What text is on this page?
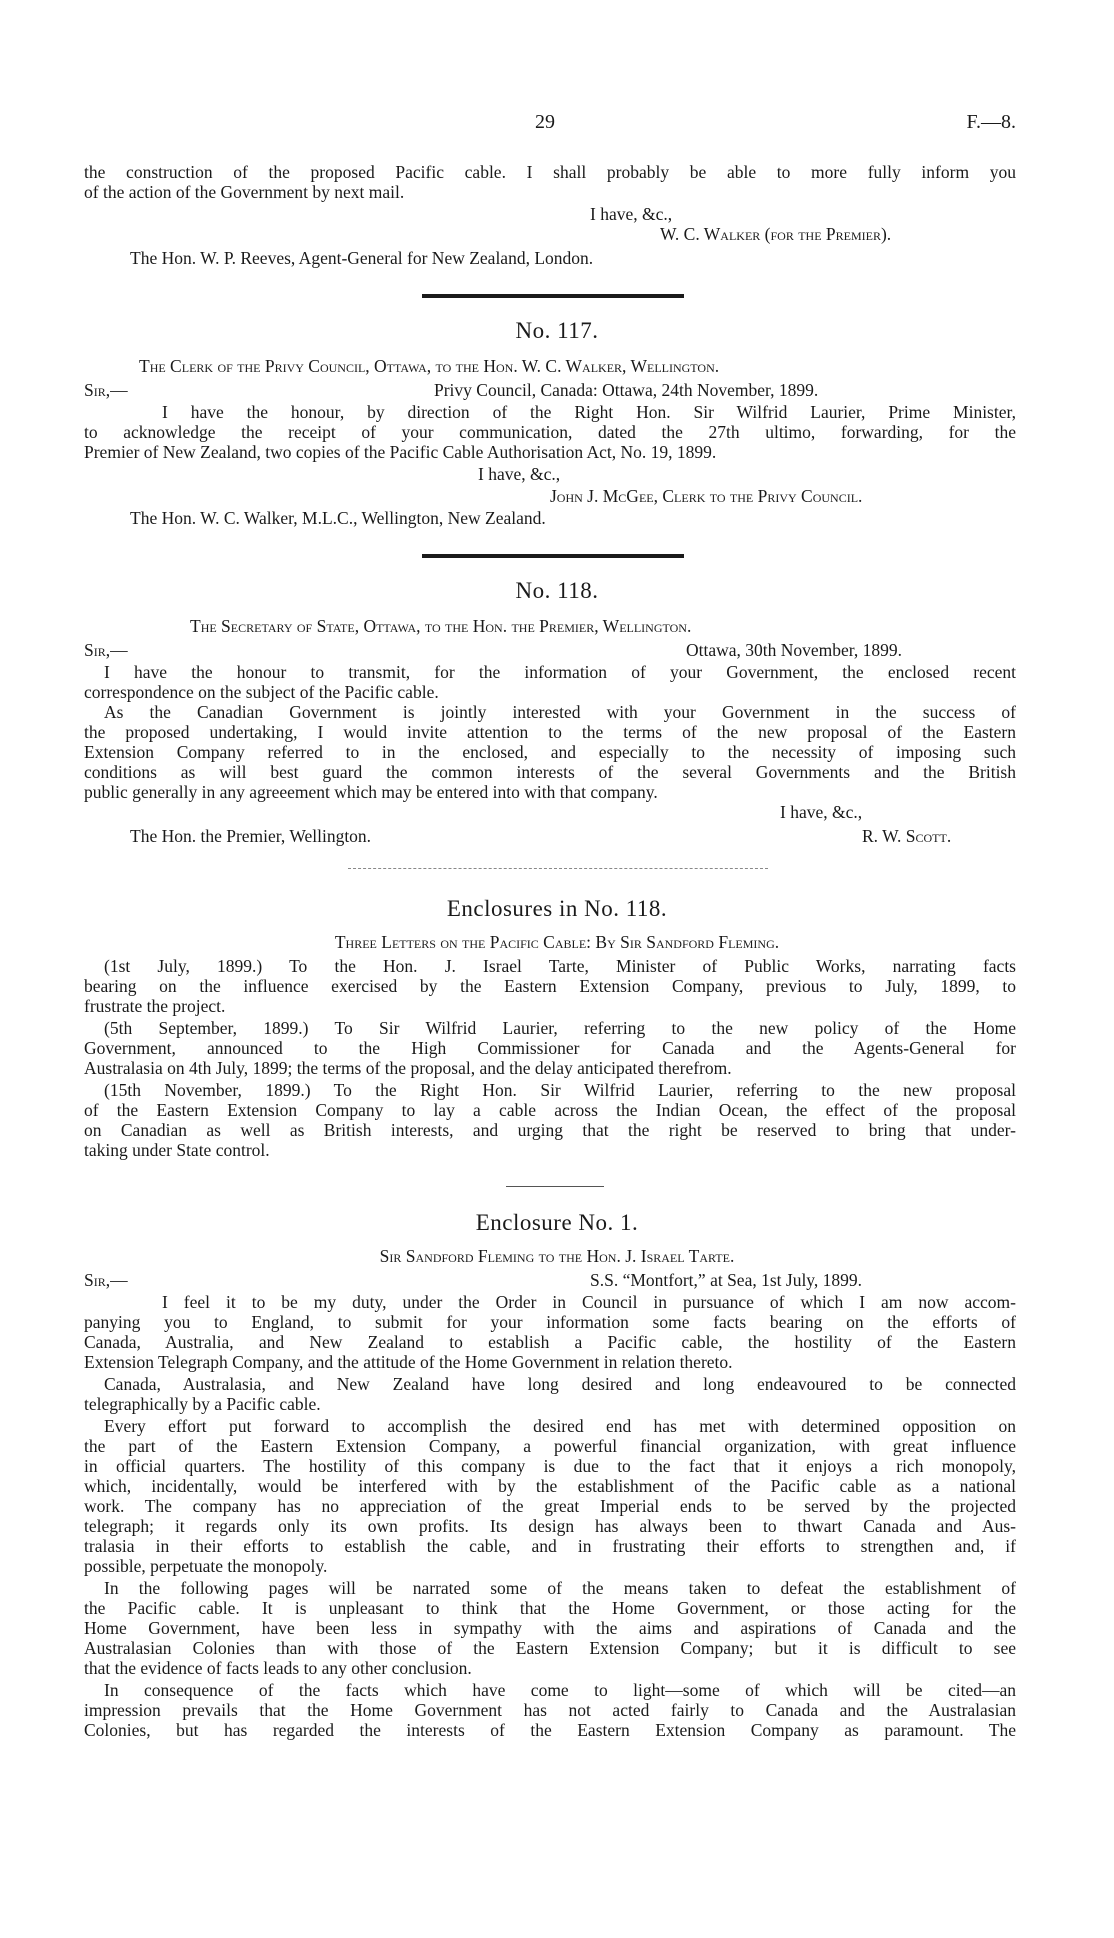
29	F.—8.
the construction of the proposed Pacific cable. I shall probably be able to more fully inform you
of the action of the Government by next mail.
I have, &c.,
W. C. Walker (for the Premier).
The Hon. W. P. Reeves, Agent-General for New Zealand, London.
No. 117.
The Clerk of the Privy Council, Ottawa, to the Hon. W. C. Walker, Wellington.
Sir,—	Privy Council, Canada: Ottawa, 24th November, 1899.
I have the honour, by direction of the Right Hon. Sir Wilfrid Laurier, Prime Minister,
to acknowledge the receipt of your communication, dated the 27th ultimo, forwarding, for the
Premier of New Zealand, two copies of the Pacific Cable Authorisation Act, No. 19, 1899.
I have, &c.,
John J. McGee, Clerk to the Privy Council.
The Hon. W. C. Walker, M.L.C., Wellington, New Zealand.
No. 118.
The Secretary of State, Ottawa, to the Hon. the Premier, Wellington.
Sir,—	Ottawa, 30th November, 1899.
I have the honour to transmit, for the information of your Government, the enclosed recent
correspondence on the subject of the Pacific cable.
As the Canadian Government is jointly interested with your Government in the success of
the proposed undertaking, I would invite attention to the terms of the new proposal of the Eastern
Extension Company referred to in the enclosed, and especially to the necessity of imposing such
conditions as will best guard the common interests of the several Governments and the British
public generally in any agreeement which may be entered into with that company.
I have, &c.,
The Hon. the Premier, Wellington.	R. W. Scott.
Enclosures in No. 118.
Three Letters on the Pacific Cable: By Sir Sandford Fleming.
(1st July, 1899.) To the Hon. J. Israel Tarte, Minister of Public Works, narrating facts
bearing on the influence exercised by the Eastern Extension Company, previous to July, 1899, to
frustrate the project.
(5th September, 1899.) To Sir Wilfrid Laurier, referring to the new policy of the Home
Government, announced to the High Commissioner for Canada and the Agents-General for
Australasia on 4th July, 1899; the terms of the proposal, and the delay anticipated therefrom.
(15th November, 1899.) To the Right Hon. Sir Wilfrid Laurier, referring to the new proposal
of the Eastern Extension Company to lay a cable across the Indian Ocean, the effect of the proposal
on Canadian as well as British interests, and urging that the right be reserved to bring that under-
taking under State control.
Enclosure No. 1.
Sir Sandford Fleming to the Hon. J. Israel Tarte.
Sir,—	S.S. “Montfort,” at Sea, 1st July, 1899.
I feel it to be my duty, under the Order in Council in pursuance of which I am now accom-
panying you to England, to submit for your information some facts bearing on the efforts of
Canada, Australia, and New Zealand to establish a Pacific cable, the hostility of the Eastern
Extension Telegraph Company, and the attitude of the Home Government in relation thereto.
Canada, Australasia, and New Zealand have long desired and long endeavoured to be connected
telegraphically by a Pacific cable.
Every effort put forward to accomplish the desired end has met with determined opposition on
the part of the Eastern Extension Company, a powerful financial organization, with great influence
in official quarters. The hostility of this company is due to the fact that it enjoys a rich monopoly,
which, incidentally, would be interfered with by the establishment of the Pacific cable as a national
work. The company has no appreciation of the great Imperial ends to be served by the projected
telegraph; it regards only its own profits. Its design has always been to thwart Canada and Aus-
tralasia in their efforts to establish the cable, and in frustrating their efforts to strengthen and, if
possible, perpetuate the monopoly.
In the following pages will be narrated some of the means taken to defeat the establishment of
the Pacific cable. It is unpleasant to think that the Home Government, or those acting for the
Home Government, have been less in sympathy with the aims and aspirations of Canada and the
Australasian Colonies than with those of the Eastern Extension Company; but it is difficult to see
that the evidence of facts leads to any other conclusion.
In consequence of the facts which have come to light—some of which will be cited—an
impression prevails that the Home Government has not acted fairly to Canada and the Australasian
Colonies, but has regarded the interests of the Eastern Extension Company as paramount. The
